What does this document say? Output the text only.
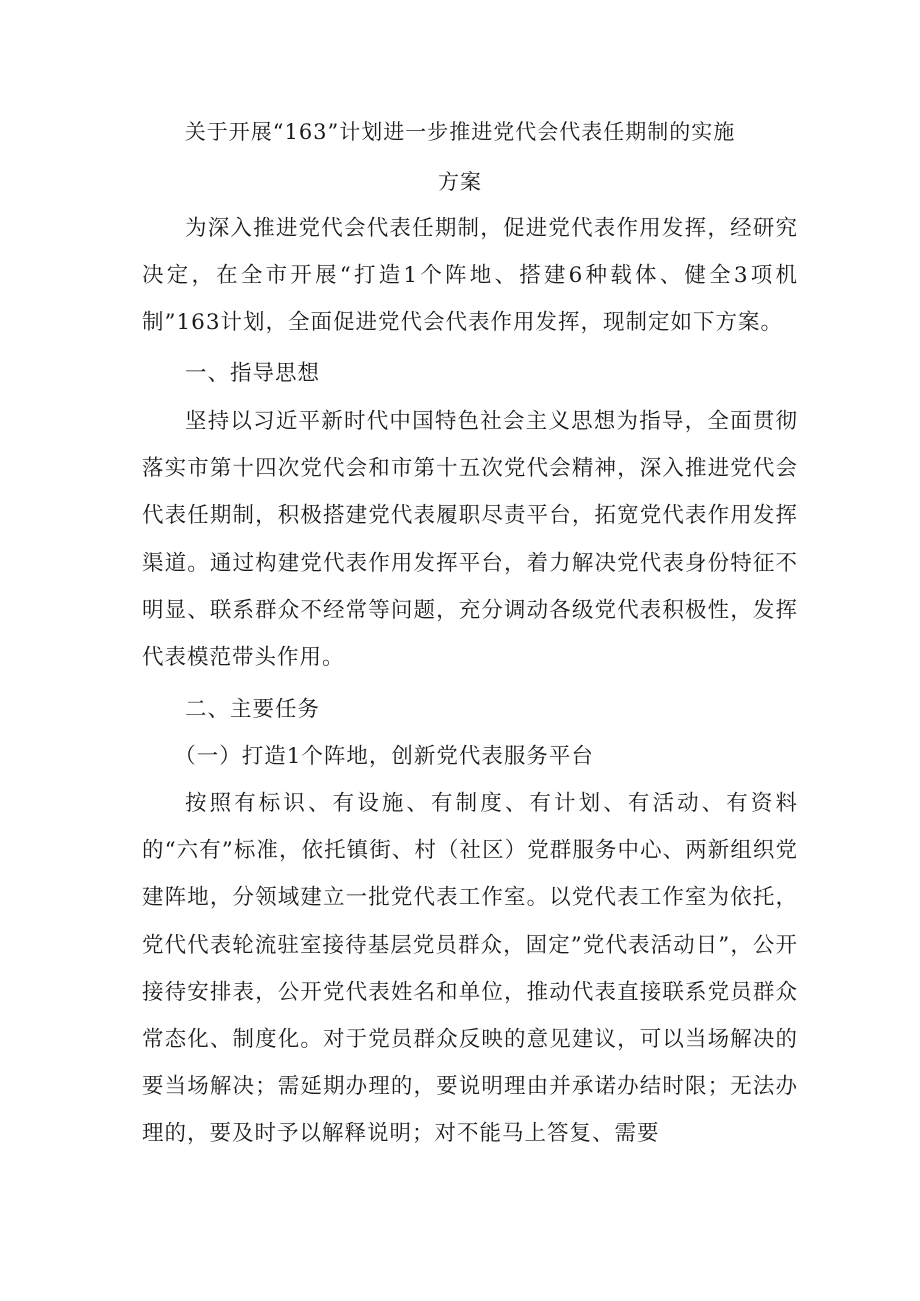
关于开展“163”计划进一步推进党代会代表任期制的实施

方案

为深入推进党代会代表任期制，促进党代表作用发挥，经研究决定，在全市开展“打造1个阵地、搭建6种载体、健全3项机制”163计划，全面促进党代会代表作用发挥，现制定如下方案。

一、指导思想

坚持以习近平新时代中国特色社会主义思想为指导，全面贯彻落实市第十四次党代会和市第十五次党代会精神，深入推进党代会代表任期制，积极搭建党代表履职尽责平台，拓宽党代表作用发挥渠道。通过构建党代表作用发挥平台，着力解决党代表身份特征不明显、联系群众不经常等问题，充分调动各级党代表积极性，发挥代表模范带头作用。

二、主要任务

（一）打造1个阵地，创新党代表服务平台

按照有标识、有设施、有制度、有计划、有活动、有资料的“六有”标准，依托镇街、村（社区）党群服务中心、两新组织党建阵地，分领域建立一批党代表工作室。以党代表工作室为依托，党代代表轮流驻室接待基层党员群众，固定”党代表活动日”，公开接待安排表，公开党代表姓名和单位，推动代表直接联系党员群众常态化、制度化。对于党员群众反映的意见建议，可以当场解决的要当场解决；需延期办理的，要说明理由并承诺办结时限；无法办理的，要及时予以解释说明；对不能马上答复、需要
